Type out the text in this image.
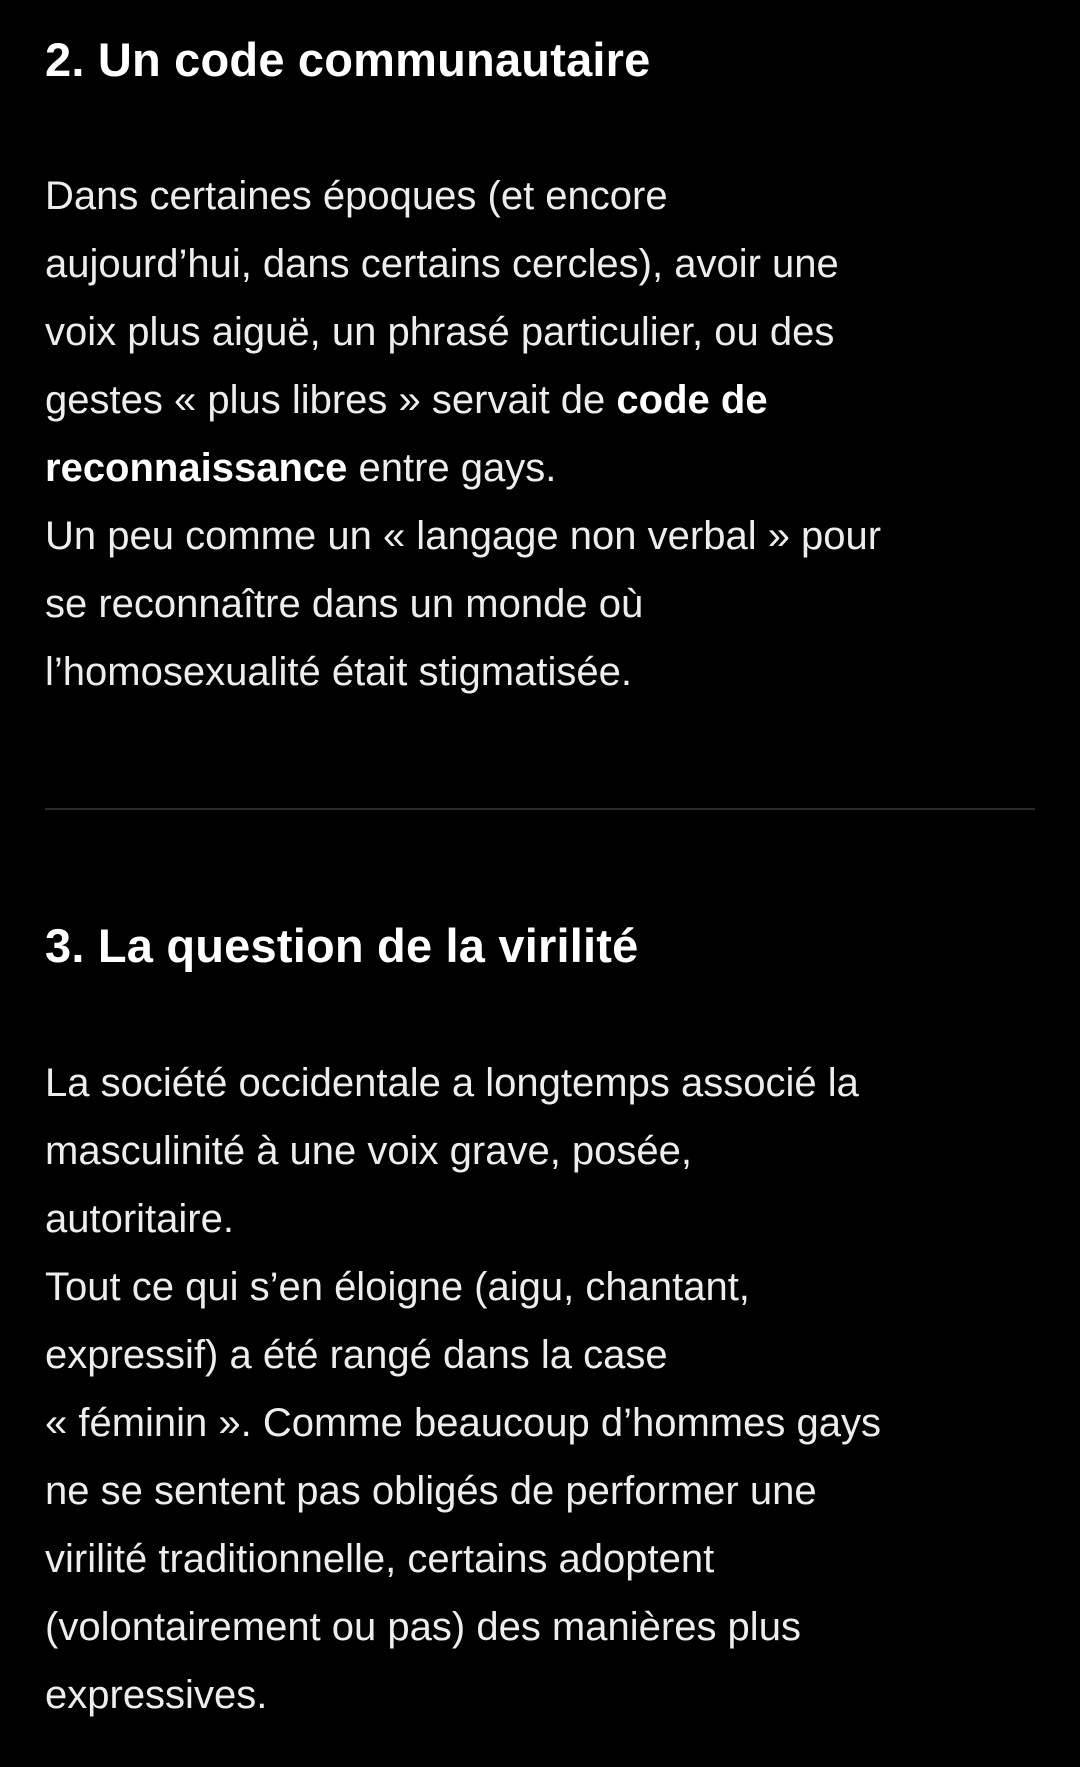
2. Un code communautaire

Dans certaines époques (et encore
aujourd’hui, dans certains cercles), avoir une
voix plus aiguë, un phrasé particulier, ou des
gestes « plus libres » servait de code de
reconnaissance entre gays.
Un peu comme un « langage non verbal » pour
se reconnaître dans un monde où
l’homosexualité était stigmatisée.

3. La question de la virilité

La société occidentale a longtemps associé la
masculinité à une voix grave, posée,
autoritaire.
Tout ce qui s’en éloigne (aigu, chantant,
expressif) a été rangé dans la case
« féminin ». Comme beaucoup d’hommes gays
ne se sentent pas obligés de performer une
virilité traditionnelle, certains adoptent
(volontairement ou pas) des manières plus
expressives.
